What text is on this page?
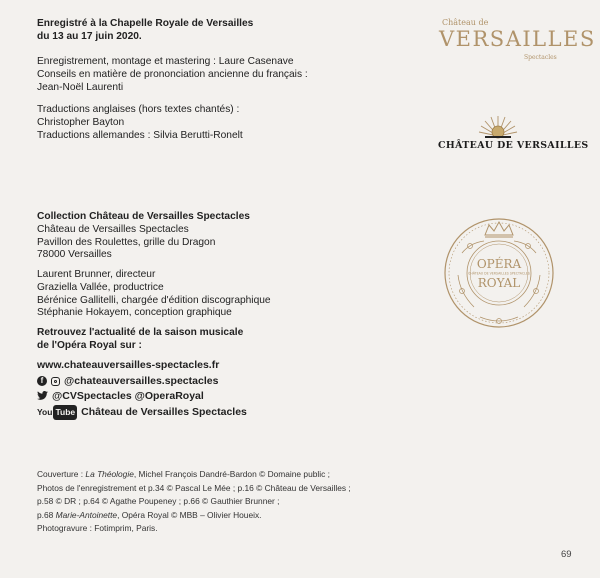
Enregistré à la Chapelle Royale de Versailles
du 13 au 17 juin 2020.
Enregistrement, montage et mastering : Laure Casenave
Conseils en matière de prononciation ancienne du français :
Jean-Noël Laurenti
Traductions anglaises (hors textes chantés) :
Christopher Bayton
Traductions allemandes : Silvia Berutti-Ronelt
Collection Château de Versailles Spectacles
Château de Versailles Spectacles
Pavillon des Roulettes, grille du Dragon
78000 Versailles
Laurent Brunner, directeur
Graziella Vallée, productrice
Bérénice Gallitelli, chargée d'édition discographique
Stéphanie Hokayem, conception graphique
Retrouvez l'actualité de la saison musicale
de l'Opéra Royal sur :
www.chateauversailles-spectacles.fr
f	@chateauversailles.spectacles
@CVSpectacles @OperaRoyal
You Tube Château de Versailles Spectacles
Couverture : La Théologie, Michel François Dandré-Bardon © Domaine public ;
Photos de l'enregistrement et p.34 © Pascal Le Mée ; p.16 © Château de Versailles ;
p.58 © DR ; p.64 © Agathe Poupeney ; p.66 © Gauthier Brunner ;
p.68 Marie-Antoinette, Opéra Royal © MBB – Olivier Houeix.
Photogravure : Fotimprim, Paris.
69
Château de
VERSAILLES
Spectacles
CHÂTEAU DE VERSAILLES
OPÉRA
CHÂTEAU DE VERSAILLES SPECTACLES
ROYAL
